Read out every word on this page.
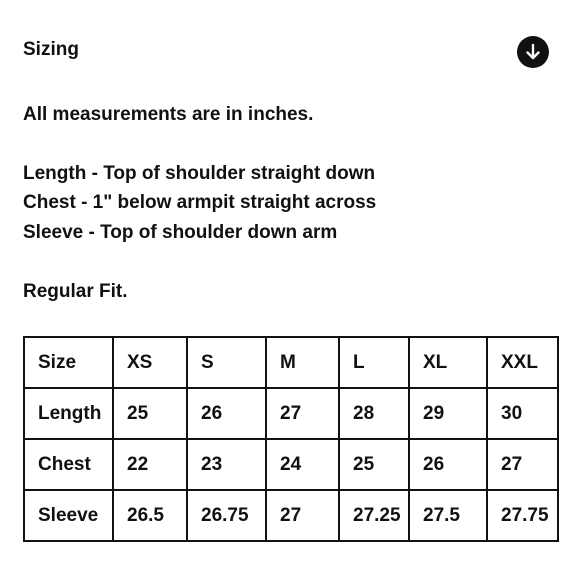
Sizing

All measurements are in inches.

Length - Top of shoulder straight down

Chest - 1" below armpit straight across

Sleeve - Top of shoulder down arm

Regular Fit.

Size	XS	S	M	L	XL	XXL
Length	25	26	27	28	29	30
Chest	22	23	24	25	26	27
Sleeve	26.5	26.75	27	27.25	27.5	27.75
